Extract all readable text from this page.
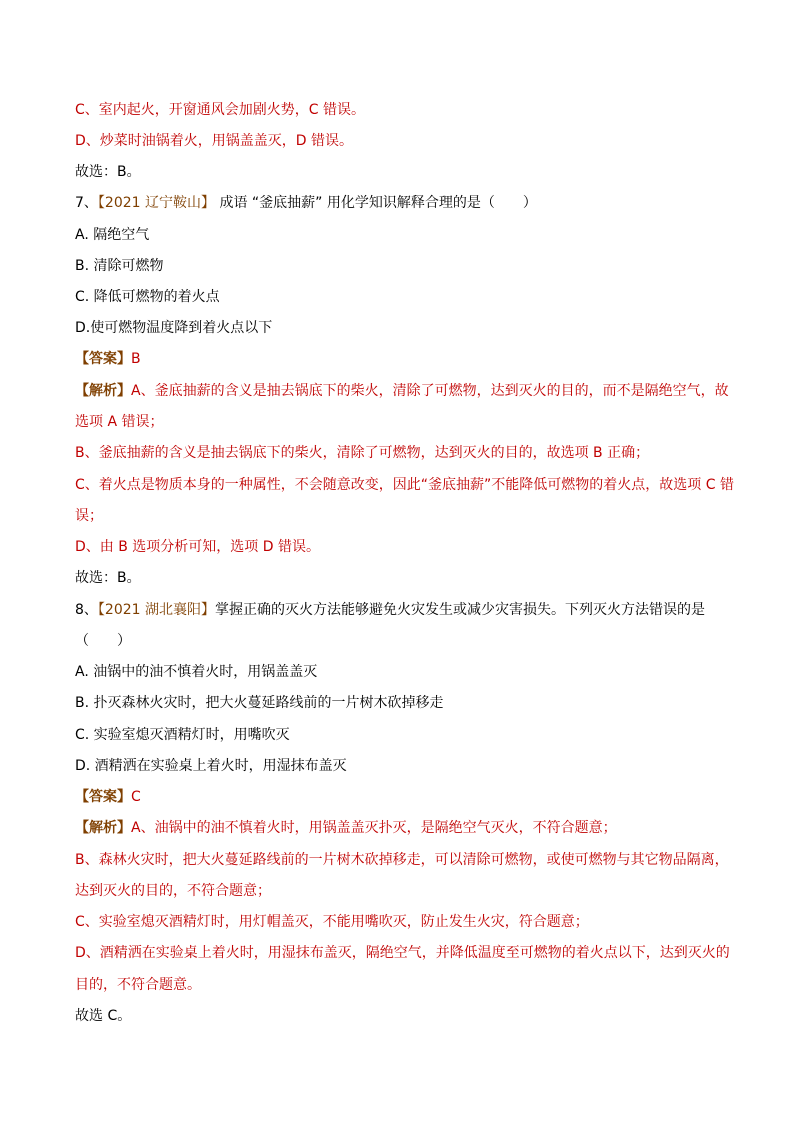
C、室内起火，开窗通风会加剧火势，C 错误。
D、炒菜时油锅着火，用锅盖盖灭，D 错误。
故选：B。
7、【2021 辽宁鞍山】 成语 “釜底抽薪” 用化学知识解释合理的是（　　）
A. 隔绝空气
B. 清除可燃物
C. 降低可燃物的着火点
D.使可燃物温度降到着火点以下
【答案】B
【解析】A、釜底抽薪的含义是抽去锅底下的柴火，清除了可燃物，达到灭火的目的，而不是隔绝空气，故
选项 A 错误；
B、釜底抽薪的含义是抽去锅底下的柴火，清除了可燃物，达到灭火的目的，故选项 B 正确；
C、着火点是物质本身的一种属性，不会随意改变，因此“釜底抽薪”不能降低可燃物的着火点，故选项 C 错
误；
D、由 B 选项分析可知，选项 D 错误。
故选：B。
8、【2021 湖北襄阳】掌握正确的灭火方法能够避免火灾发生或减少灾害损失。下列灭火方法错误的是
（　　）
A. 油锅中的油不慎着火时，用锅盖盖灭
B. 扑灭森林火灾时，把大火蔓延路线前的一片树木砍掉移走
C. 实验室熄灭酒精灯时，用嘴吹灭
D. 酒精洒在实验桌上着火时，用湿抹布盖灭
【答案】C
【解析】A、油锅中的油不慎着火时，用锅盖盖灭扑灭，是隔绝空气灭火，不符合题意；
B、森林火灾时，把大火蔓延路线前的一片树木砍掉移走，可以清除可燃物，或使可燃物与其它物品隔离，
达到灭火的目的，不符合题意；
C、实验室熄灭酒精灯时，用灯帽盖灭，不能用嘴吹灭，防止发生火灾，符合题意；
D、酒精洒在实验桌上着火时，用湿抹布盖灭，隔绝空气，并降低温度至可燃物的着火点以下，达到灭火的
目的，不符合题意。
故选 C。
